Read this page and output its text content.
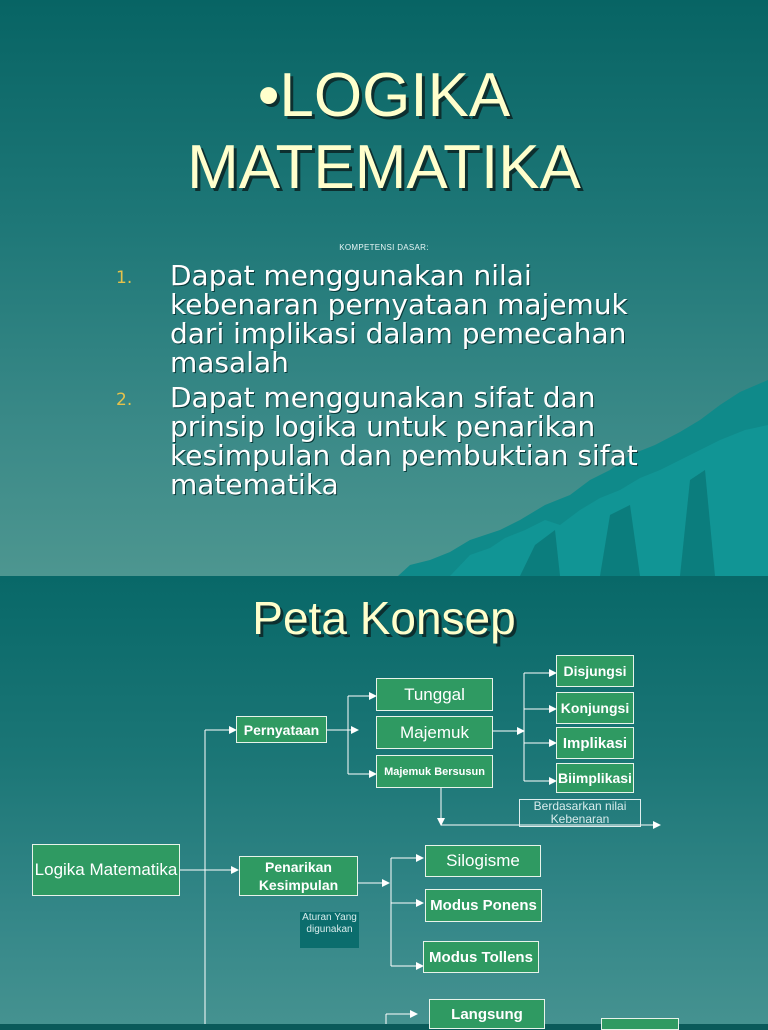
•LOGIKA
MATEMATIKA
KOMPETENSI DASAR:
1. Dapat menggunakan nilai kebenaran pernyataan majemuk dari implikasi dalam pemecahan masalah
2. Dapat menggunakan sifat dan prinsip logika untuk penarikan kesimpulan dan pembuktian sifat matematika
Peta Konsep
Logika Matematika
Pernyataan
Tunggal
Majemuk
Majemuk Bersusun
Disjungsi
Konjungsi
Implikasi
Biimplikasi
Berdasarkan nilai Kebenaran
Penarikan Kesimpulan
Silogisme
Modus Ponens
Modus Tollens
Aturan Yang digunakan
Langsung
